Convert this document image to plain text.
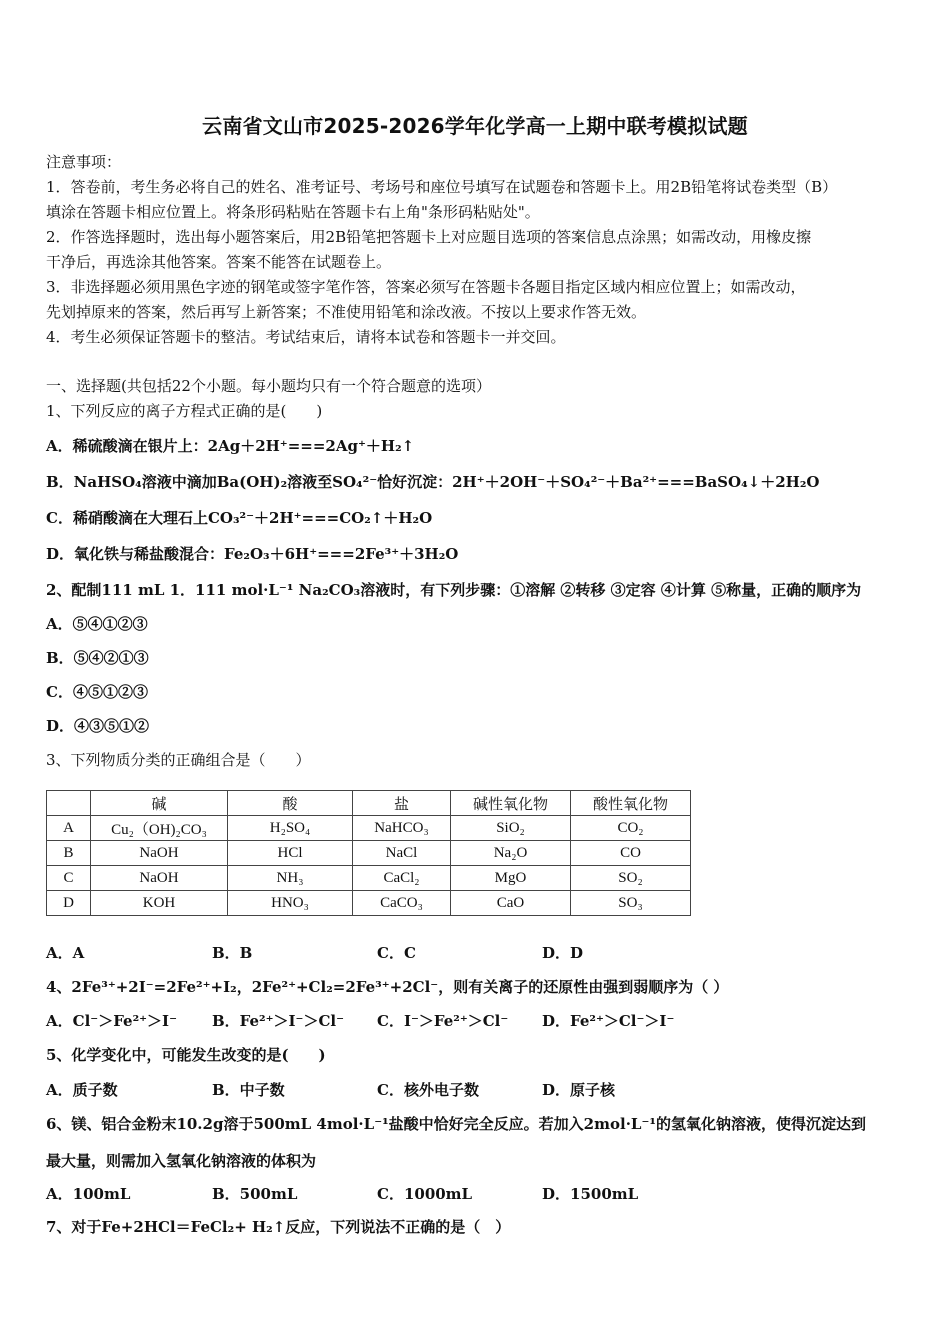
云南省文山市2025-2026学年化学高一上期中联考模拟试题
注意事项：
1．答卷前，考生务必将自己的姓名、准考证号、考场号和座位号填写在试题卷和答题卡上。用2B铅笔将试卷类型（B）
填涂在答题卡相应位置上。将条形码粘贴在答题卡右上角"条形码粘贴处"。
2．作答选择题时，选出每小题答案后，用2B铅笔把答题卡上对应题目选项的答案信息点涂黑；如需改动，用橡皮擦
干净后，再选涂其他答案。答案不能答在试题卷上。
3．非选择题必须用黑色字迹的钢笔或签字笔作答，答案必须写在答题卡各题目指定区域内相应位置上；如需改动，
先划掉原来的答案，然后再写上新答案；不准使用铅笔和涂改液。不按以上要求作答无效。
4．考生必须保证答题卡的整洁。考试结束后，请将本试卷和答题卡一并交回。
一、选择题(共包括22个小题。每小题均只有一个符合题意的选项）
1、下列反应的离子方程式正确的是(　　)
A．稀硫酸滴在银片上：2Ag＋2H⁺===2Ag⁺＋H₂↑
B．NaHSO₄溶液中滴加Ba(OH)₂溶液至SO₄²⁻恰好沉淀：2H⁺＋2OH⁻＋SO₄²⁻＋Ba²⁺===BaSO₄↓＋2H₂O
C．稀硝酸滴在大理石上CO₃²⁻＋2H⁺===CO₂↑＋H₂O
D．氧化铁与稀盐酸混合：Fe₂O₃＋6H⁺===2Fe³⁺＋3H₂O
2、配制111 mL 1．111 mol·L⁻¹ Na₂CO₃溶液时，有下列步骤：①溶解 ②转移 ③定容 ④计算 ⑤称量，正确的顺序为
A．⑤④①②③
B．⑤④②①③
C．④⑤①②③
D．④③⑤①②
3、下列物质分类的正确组合是（　　）
	碱	酸	盐	碱性氧化物	酸性氧化物
A	Cu₂（OH)₂CO₃	H₂SO₄	NaHCO₃	SiO₂	CO₂
B	NaOH	HCl	NaCl	Na₂O	CO
C	NaOH	NH₃	CaCl₂	MgO	SO₂
D	KOH	HNO₃	CaCO₃	CaO	SO₃
A．A	B．B	C．C	D．D
4、2Fe³⁺+2I⁻=2Fe²⁺+I₂，2Fe²⁺+Cl₂=2Fe³⁺+2Cl⁻，则有关离子的还原性由强到弱顺序为（ ）
A．Cl⁻＞Fe²⁺＞I⁻ B．Fe²⁺＞I⁻＞Cl⁻ C．I⁻＞Fe²⁺＞Cl⁻ D．Fe²⁺＞Cl⁻＞I⁻
5、化学变化中，可能发生改变的是(　　)
A．质子数	B．中子数	C．核外电子数	D．原子核
6、镁、铝合金粉末10.2g溶于500mL 4mol·L⁻¹盐酸中恰好完全反应。若加入2mol·L⁻¹的氢氧化钠溶液，使得沉淀达到
最大量，则需加入氢氧化钠溶液的体积为
A．100mL	B．500mL	C．1000mL	D．1500mL
7、对于Fe+2HCl＝FeCl₂+ H₂↑反应，下列说法不正确的是（　）
